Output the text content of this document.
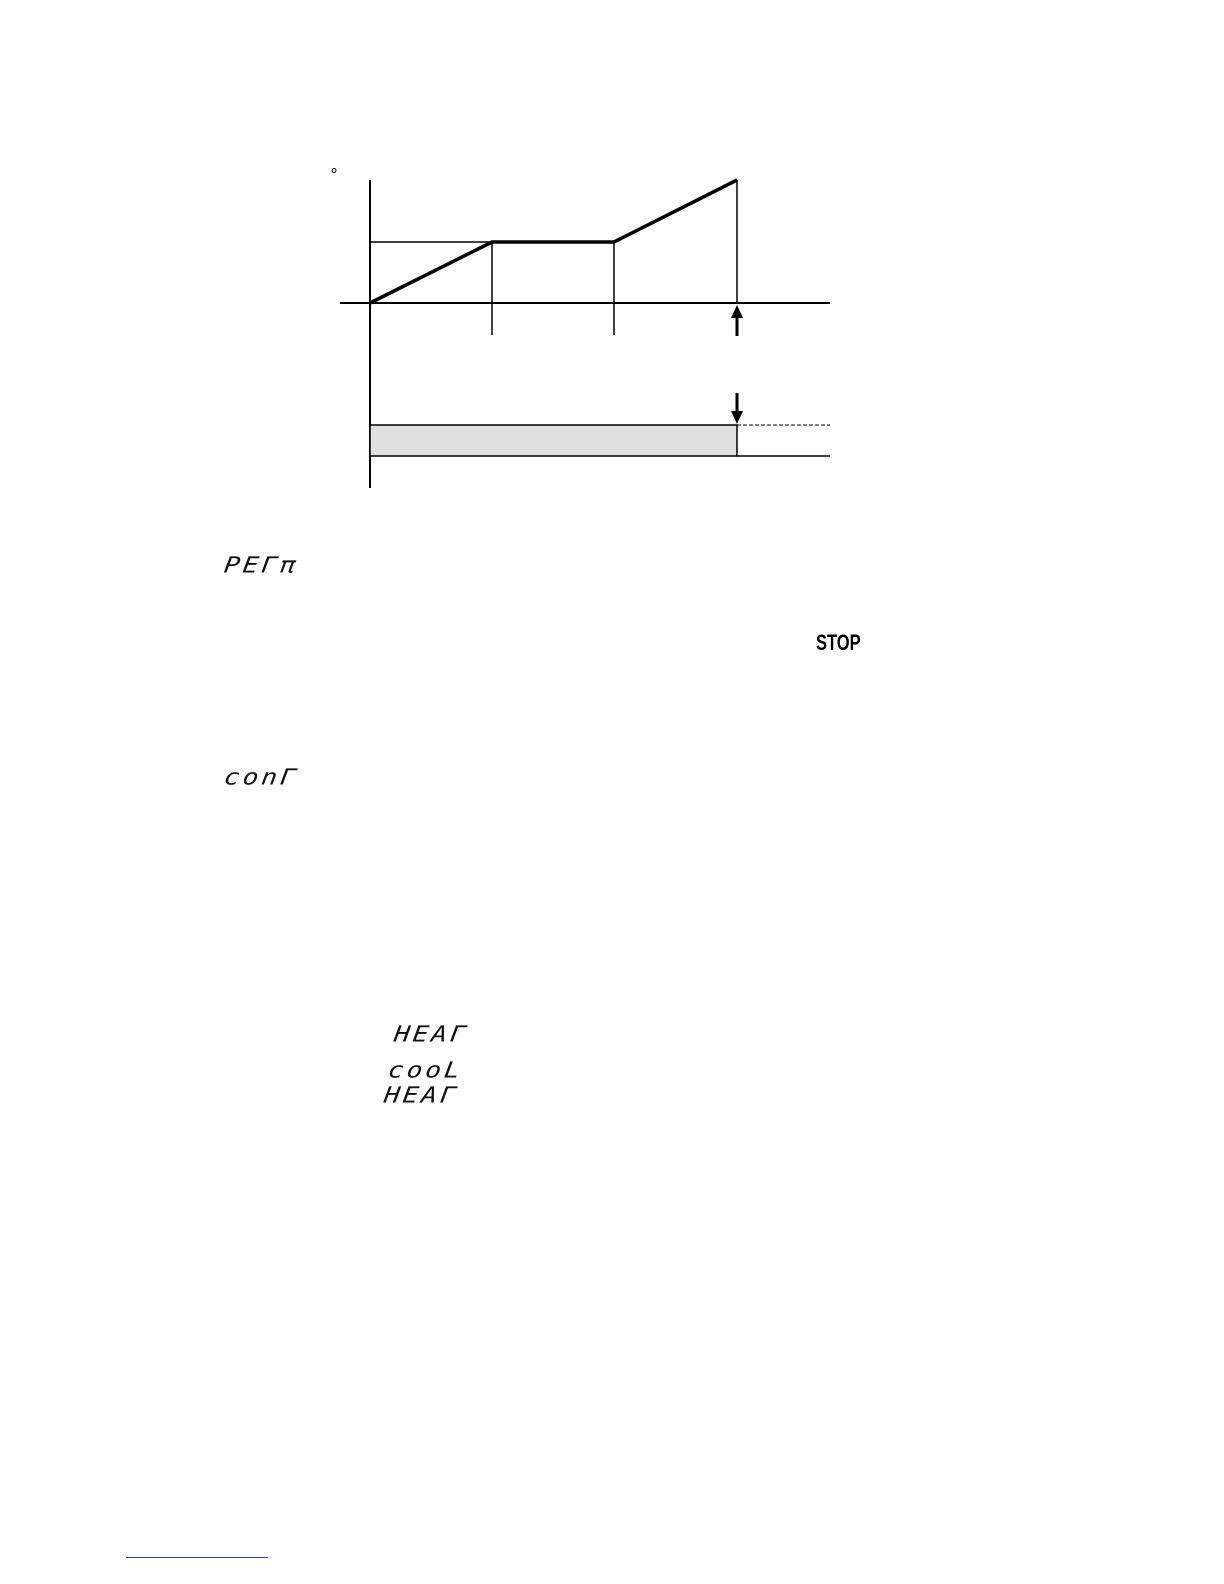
°
PEΓπ
STOP
conΓ
HEAΓ
cooL
HEAΓ
